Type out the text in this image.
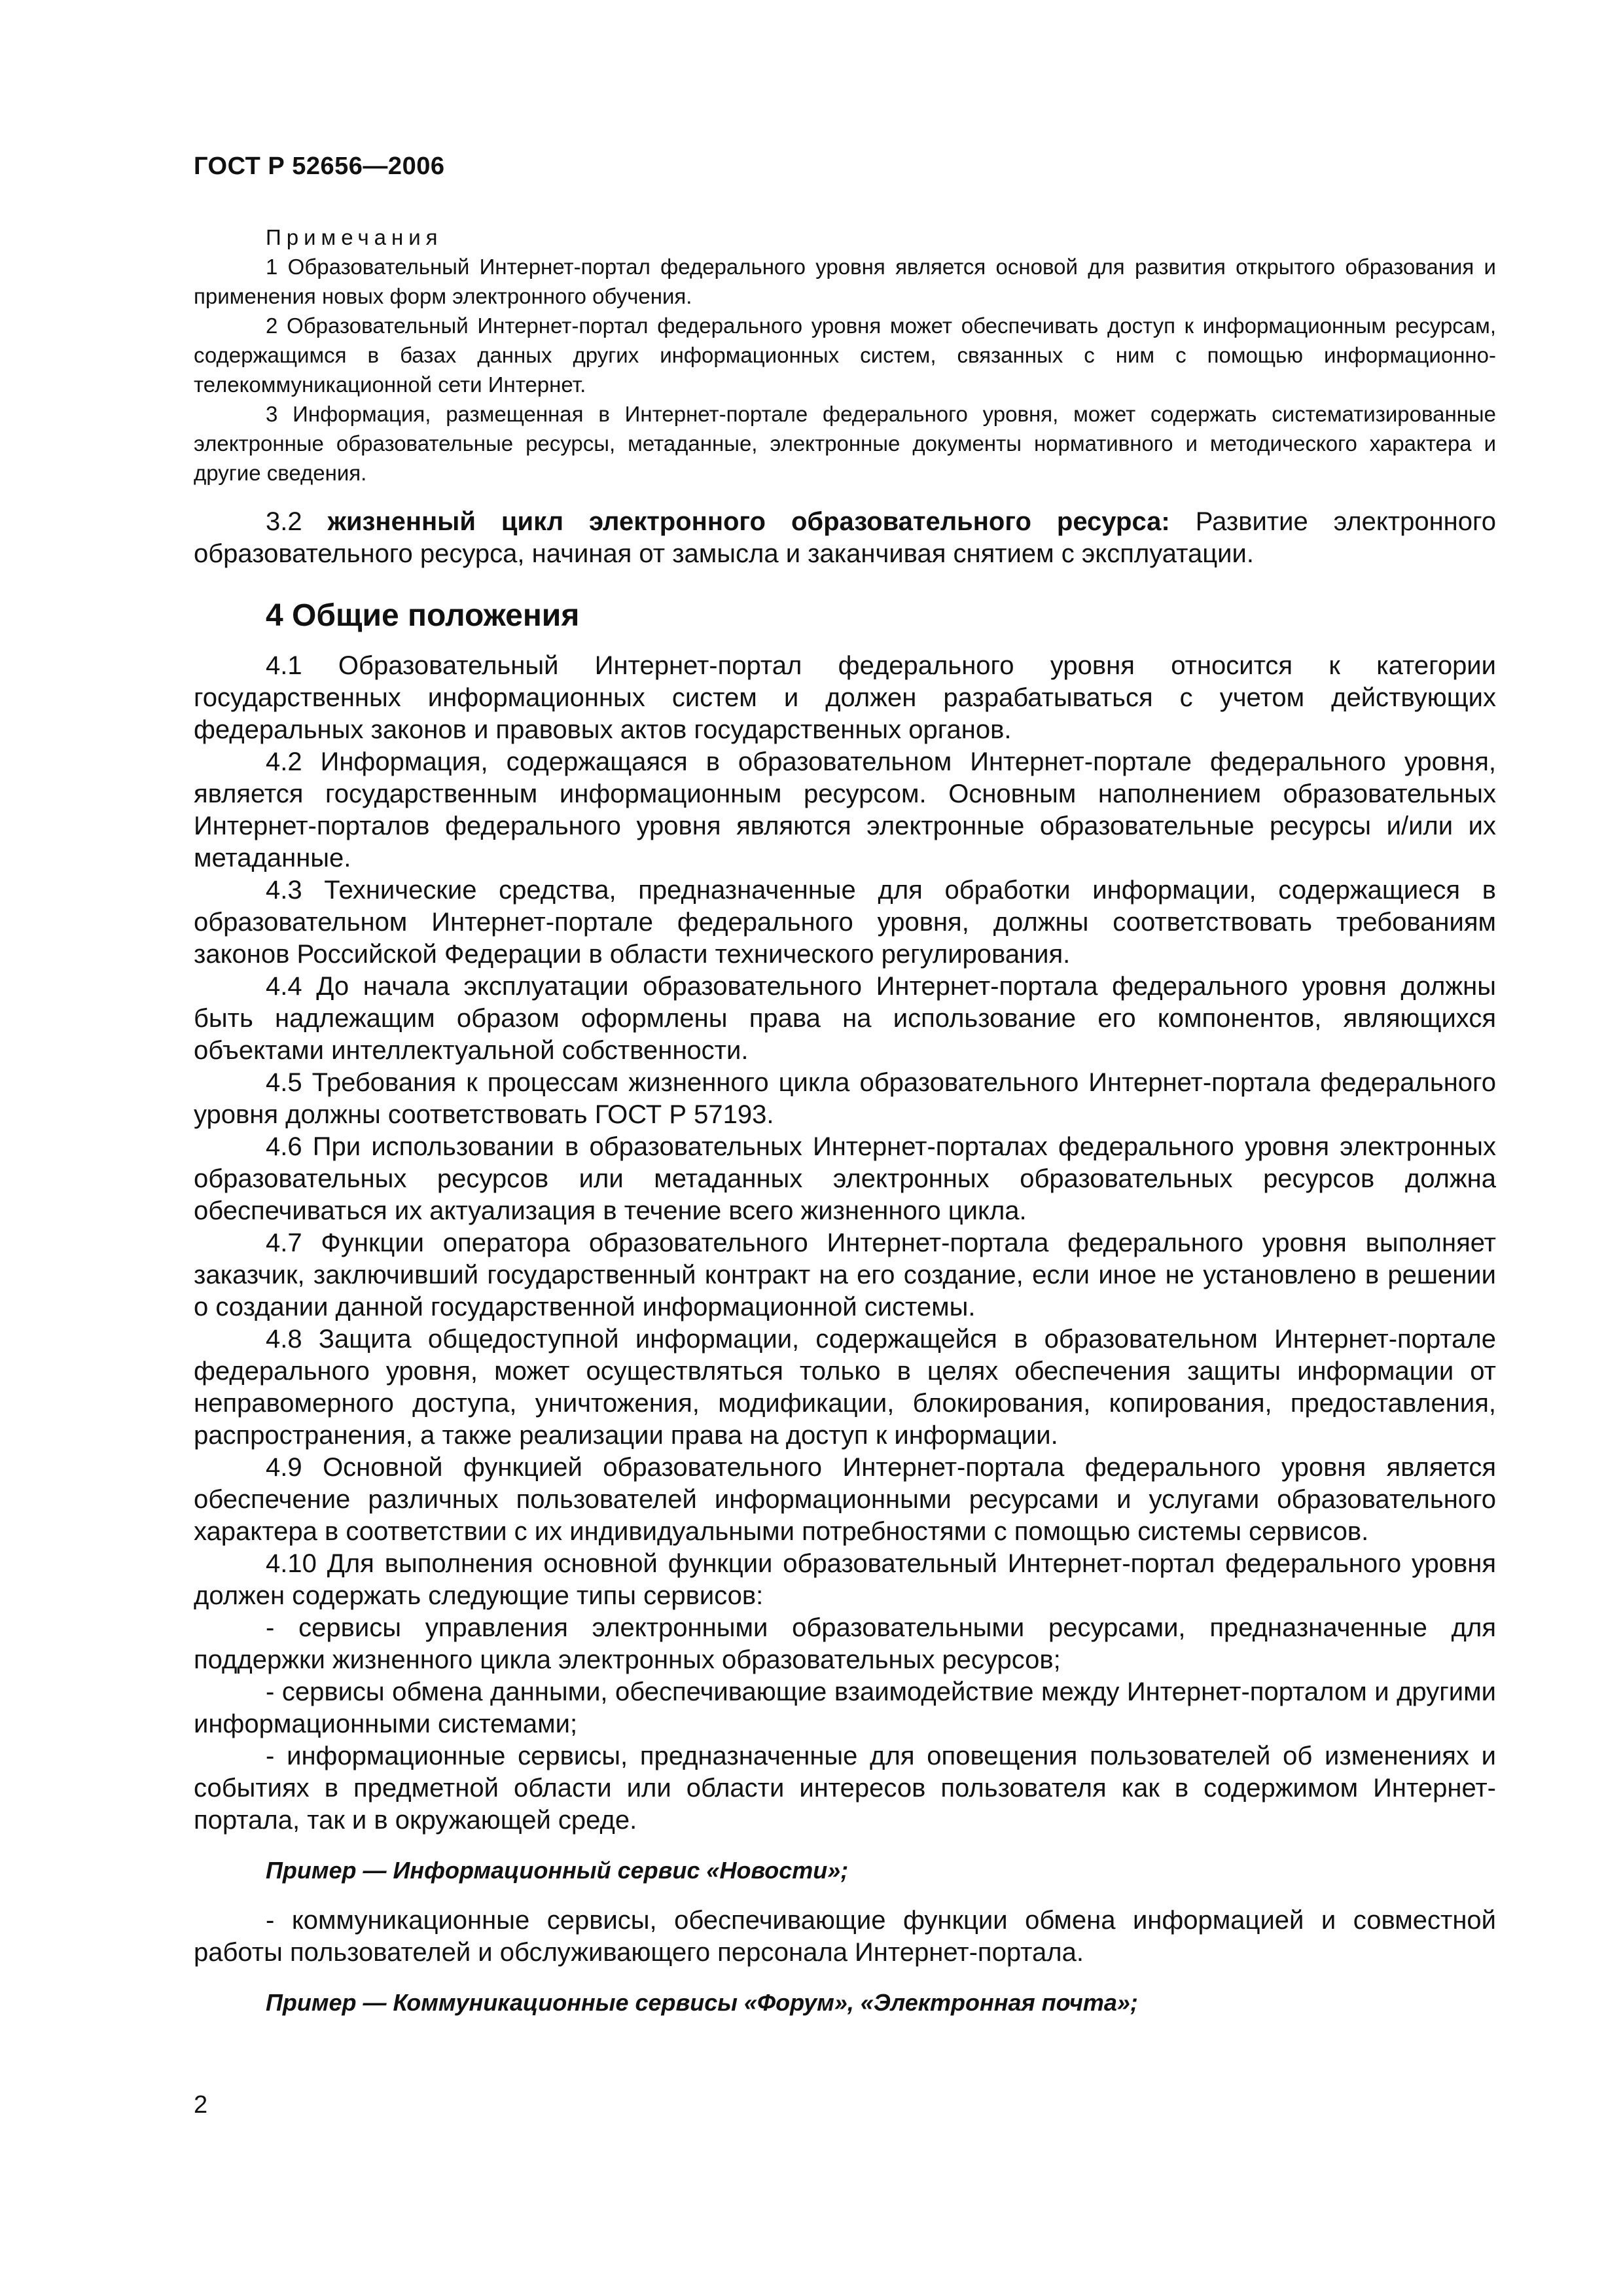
ГОСТ Р 52656—2006

Примечания

1 Образовательный Интернет-портал федерального уровня является основой для развития открытого образования и применения новых форм электронного обучения.

2 Образовательный Интернет-портал федерального уровня может обеспечивать доступ к информационным ресурсам, содержащимся в базах данных других информационных систем, связанных с ним с помощью информационно-телекоммуникационной сети Интернет.

3 Информация, размещенная в Интернет-портале федерального уровня, может содержать систематизированные электронные образовательные ресурсы, метаданные, электронные документы нормативного и методического характера и другие сведения.

3.2 жизненный цикл электронного образовательного ресурса: Развитие электронного образовательного ресурса, начиная от замысла и заканчивая снятием с эксплуатации.

4 Общие положения

4.1 Образовательный Интернет-портал федерального уровня относится к категории государственных информационных систем и должен разрабатываться с учетом действующих федеральных законов и правовых актов государственных органов.

4.2 Информация, содержащаяся в образовательном Интернет-портале федерального уровня, является государственным информационным ресурсом. Основным наполнением образовательных Интернет-порталов федерального уровня являются электронные образовательные ресурсы и/или их метаданные.

4.3 Технические средства, предназначенные для обработки информации, содержащиеся в образовательном Интернет-портале федерального уровня, должны соответствовать требованиям законов Российской Федерации в области технического регулирования.

4.4 До начала эксплуатации образовательного Интернет-портала федерального уровня должны быть надлежащим образом оформлены права на использование его компонентов, являющихся объектами интеллектуальной собственности.

4.5 Требования к процессам жизненного цикла образовательного Интернет-портала федерального уровня должны соответствовать ГОСТ Р 57193.

4.6 При использовании в образовательных Интернет-порталах федерального уровня электронных образовательных ресурсов или метаданных электронных образовательных ресурсов должна обеспечиваться их актуализация в течение всего жизненного цикла.

4.7 Функции оператора образовательного Интернет-портала федерального уровня выполняет заказчик, заключивший государственный контракт на его создание, если иное не установлено в решении о создании данной государственной информационной системы.

4.8 Защита общедоступной информации, содержащейся в образовательном Интернет-портале федерального уровня, может осуществляться только в целях обеспечения защиты информации от неправомерного доступа, уничтожения, модификации, блокирования, копирования, предоставления, распространения, а также реализации права на доступ к информации.

4.9 Основной функцией образовательного Интернет-портала федерального уровня является обеспечение различных пользователей информационными ресурсами и услугами образовательного характера в соответствии с их индивидуальными потребностями с помощью системы сервисов.

4.10 Для выполнения основной функции образовательный Интернет-портал федерального уровня должен содержать следующие типы сервисов:

- сервисы управления электронными образовательными ресурсами, предназначенные для поддержки жизненного цикла электронных образовательных ресурсов;

- сервисы обмена данными, обеспечивающие взаимодействие между Интернет-порталом и другими информационными системами;

- информационные сервисы, предназначенные для оповещения пользователей об изменениях и событиях в предметной области или области интересов пользователя как в содержимом Интернет-портала, так и в окружающей среде.

Пример — Информационный сервис «Новости»;

- коммуникационные сервисы, обеспечивающие функции обмена информацией и совместной работы пользователей и обслуживающего персонала Интернет-портала.

Пример — Коммуникационные сервисы «Форум», «Электронная почта»;

2
